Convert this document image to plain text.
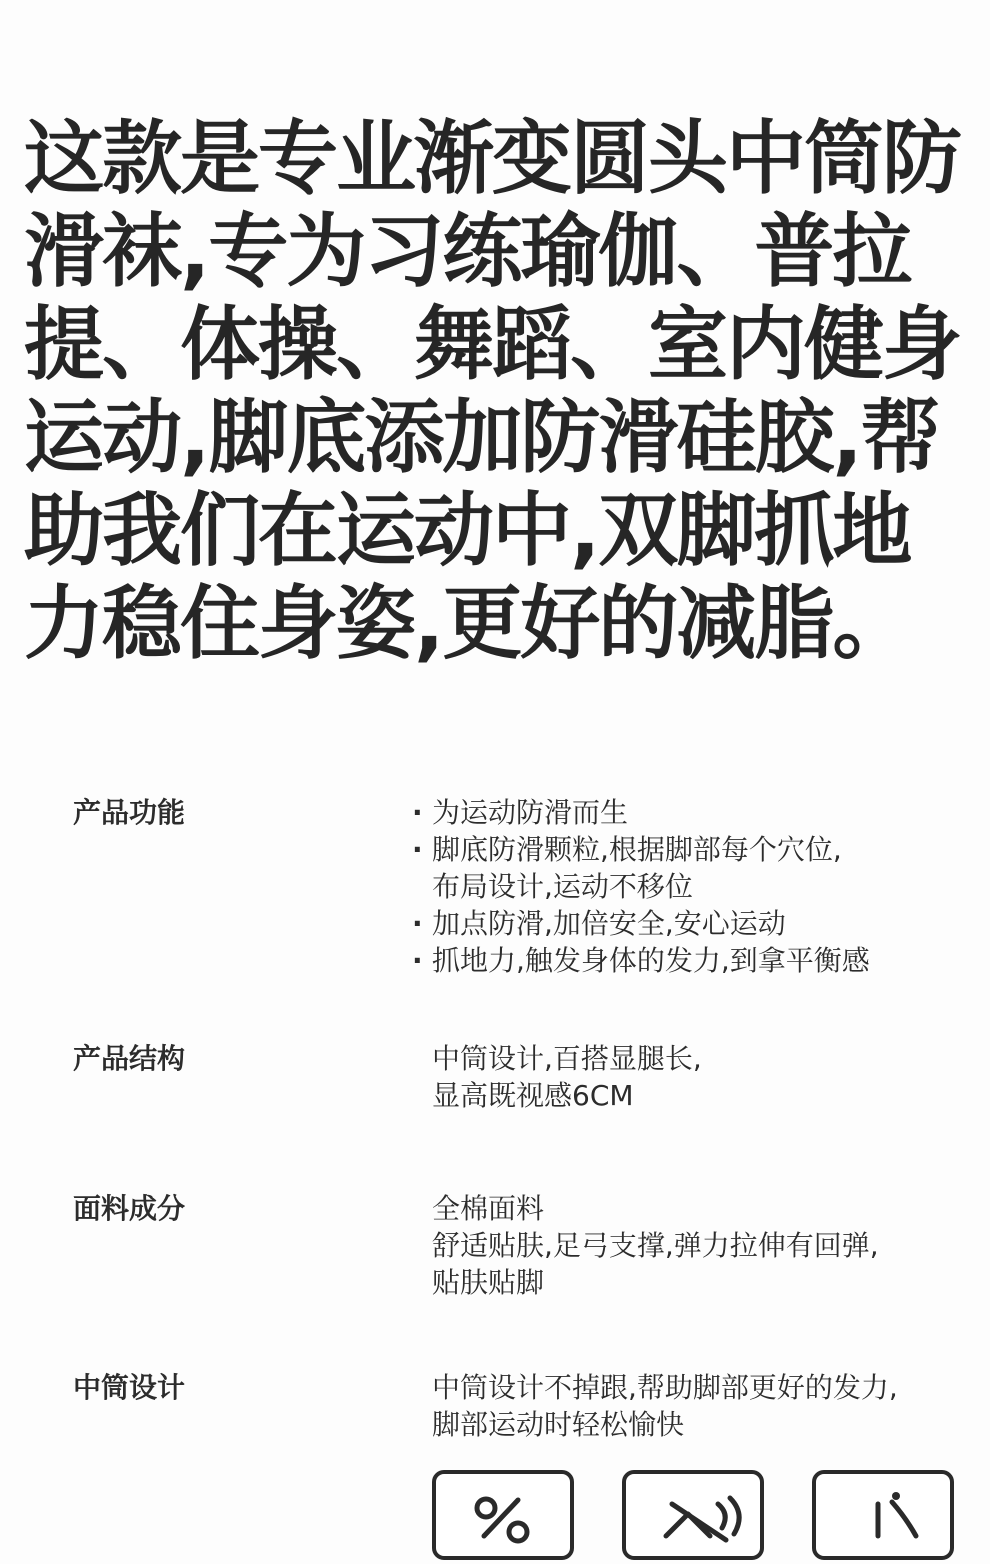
这款是专业渐变圆头中筒防滑袜,专为习练瑜伽、普拉提、体操、舞蹈、室内健身运动,脚底添加防滑硅胶,帮助我们在运动中,双脚抓地力稳住身姿,更好的减脂。

产品功能
·	为运动防滑而生
· 脚底防滑颗粒,根据脚部每个穴位,
布局设计,运动不移位
· 加点防滑,加倍安全,安心运动
· 抓地力,触发身体的发力,到拿平衡感
产品结构	中筒设计,百搭显腿长,
显高既视感6CM
面料成分	全棉面料
舒适贴肤,足弓支撑,弹力拉伸有回弹,
贴肤贴脚
中筒设计	中筒设计不掉跟,帮助脚部更好的发力,
脚部运动时轻松愉快
